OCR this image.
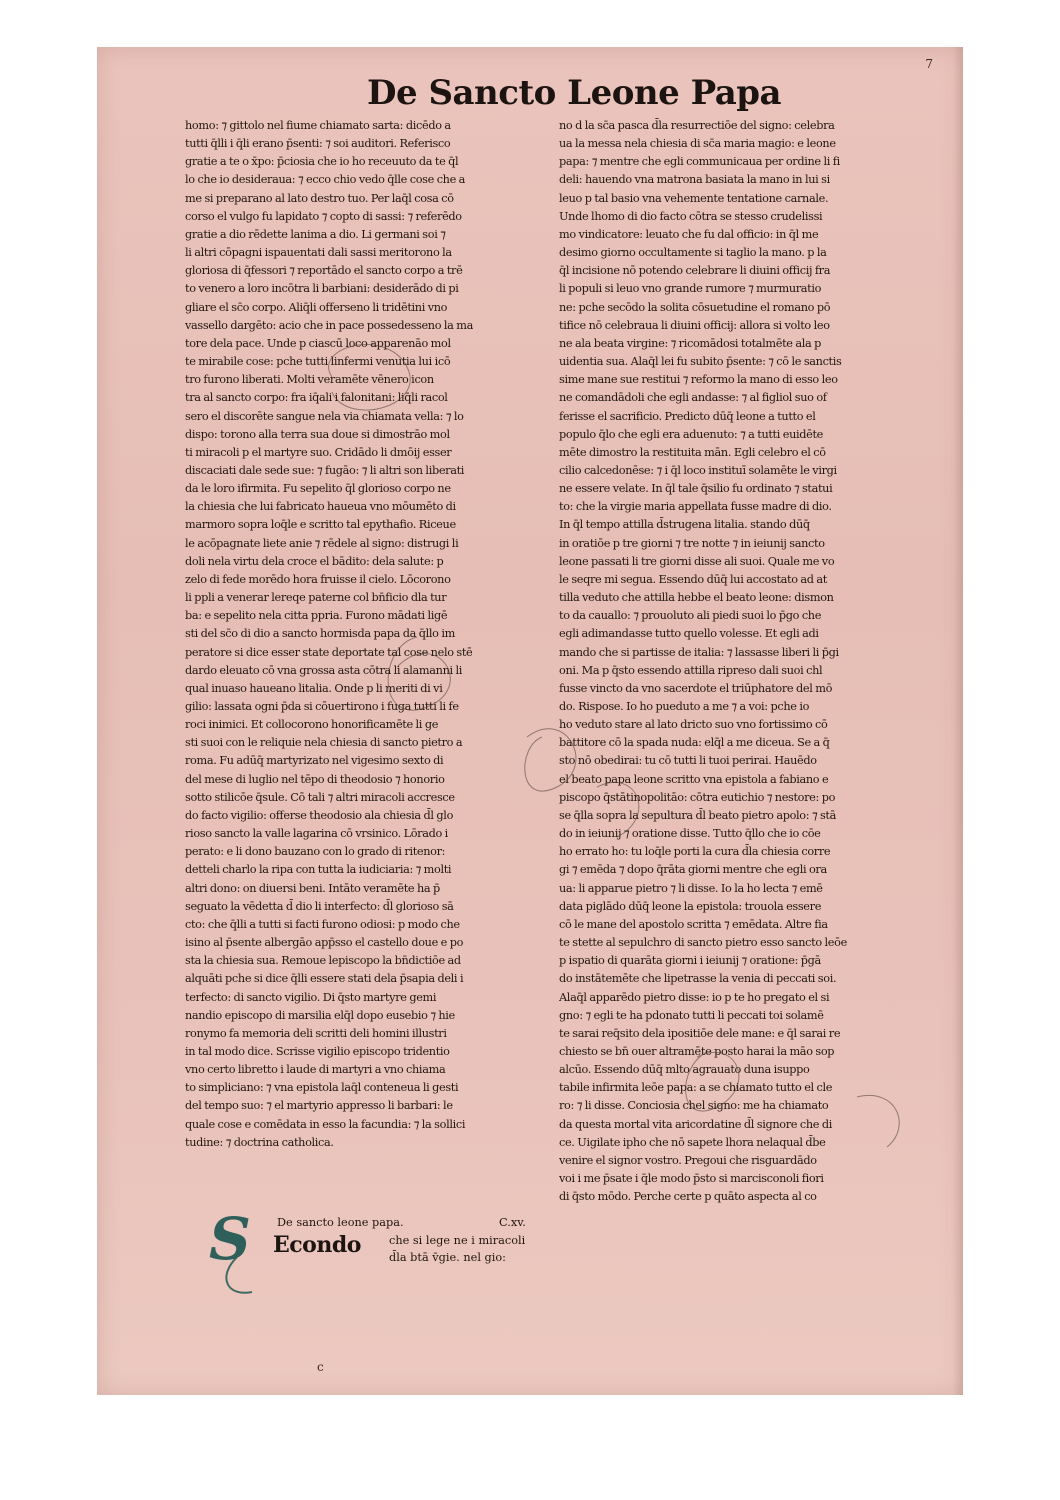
7
De Sancto Leone Papa
homo: ⁊ gittolo nel fiume chiamato sarta: dicēdo a
tutti q̄lli i q̄li erano p̄senti: ⁊ soi auditori. Referisco
gratie a te o x̄po: p̄ciosia che io ho receuuto da te q̄l
lo che io desideraua: ⁊ ecco chio vedo q̄lle cose che a
me si preparano al lato destro tuo. Per laq̄l cosa cō
corso el vulgo fu lapidato ⁊ copto di sassi: ⁊ referēdo
gratie a dio rēdette lanima a dio. Li germani soi ⁊
li altri cōpagni ispauentati dali sassi meritorono la
gloriosa di q̄fessori ⁊ reportādo el sancto corpo a trē
to venero a loro incōtra li barbiani: desiderādo di pi
gliare el sc̄o corpo. Aliq̄li offerseno li tridētini vno
vassello dargēto: acio che in pace possedesseno la ma
tore dela pace. Unde p ciascū loco apparenāo mol
te mirabile cose: pche tutti linfermi venutia lui icō
tro furono liberati. Molti veramēte vēnero icon
tra al sancto corpo: fra iq̄ali i falonitani: liq̄li racol
sero el discorēte sangue nela via chiamata vella: ⁊ lo
dispo: torono alla terra sua doue si dimostrāo mol
ti miracoli p el martyre suo. Cridādo li dmōij esser
discaciati dale sede sue: ⁊ fugāo: ⁊ li altri son liberati
da le loro ifirmita. Fu sepelito q̄l glorioso corpo ne
la chiesia che lui fabricato haueua vno mōumēto di
marmoro sopra loq̄le e scritto tal epythafio. Riceue
le acōpagnate liete anie ⁊ rēdele al signo: distrugi li
doli nela virtu dela croce el bādito: dela salute: p
zelo di fede morēdo hora fruisse il cielo. Lōcorono
li ppli a venerar lereqe paterne col bn̄ficio dla tur
ba: e sepelito nela citta ppria. Furono mādati ligē
sti del sc̄o di dio a sancto hormisda papa da q̄llo im
peratore si dice esser state deportate tal cose nelo stē
dardo eleuato cō vna grossa asta cōtra li alamanni li
qual inuaso haueano litalia. Onde p li meriti di vi
gilio: lassata ogni p̄da si cōuertirono i fuga tutti li fe
roci inimici. Et collocorono honorificamēte li ge
sti suoi con le reliquie nela chiesia di sancto pietro a
roma. Fu adūq̄ martyrizato nel vigesimo sexto di
del mese di luglio nel tēpo di theodosio ⁊ honorio
sotto stilicōe q̄sule. Cō tali ⁊ altri miracoli accresce
do facto vigilio: offerse theodosio ala chiesia d̄l glo
rioso sancto la valle lagarina cō vrsinico. Lōrado i
perato: e li dono bauzano con lo grado di ritenor:
detteli charlo la ripa con tutta la iudiciaria: ⁊ molti
altri dono: on diuersi beni. Intāto veramēte ha p̄
seguato la vēdetta d̄ dio li interfecto: d̄l glorioso sā
cto: che q̄lli a tutti si facti furono odiosi: p modo che
isino al p̄sente albergāo app̄sso el castello doue e po
sta la chiesia sua. Remoue lepiscopo la bn̄dictiōe ad
alquāti pche si dice q̄lli essere stati dela p̄sapia deli i
terfecto: di sancto vigilio. Di q̄sto martyre gemi
nandio episcopo di marsilia elq̄l dopo eusebio ⁊ hie
ronymo fa memoria deli scritti deli homini illustri
in tal modo dice. Scrisse vigilio episcopo tridentio
vno certo libretto i laude di martyri a vno chiama
to simpliciano: ⁊ vna epistola laq̄l conteneua li gesti
del tempo suo: ⁊ el martyrio appresso li barbari: le
quale cose e comēdata in esso la facundia: ⁊ la sollici
tudine: ⁊ doctrina catholica.
no d la sc̄a pasca d̄la resurrectiōe del signo: celebra
ua la messa nela chiesia di sc̄a maria magio: e leone
papa: ⁊ mentre che egli communicaua per ordine li fi
deli: hauendo vna matrona basiata la mano in lui si
leuo p tal basio vna vehemente tentatione carnale.
Unde lhomo di dio facto cōtra se stesso crudelissi
mo vindicatore: leuato che fu dal officio: in q̄l me
desimo giorno occultamente si taglio la mano. p la
q̄l incisione nō potendo celebrare li diuini officij fra
li populi si leuo vno grande rumore ⁊ murmuratio
ne: pche secōdo la solita cōsuetudine el romano pō
tifice nō celebraua li diuini officij: allora si volto leo
ne ala beata virgine: ⁊ ricomādosi totalmēte ala p
uidentia sua. Alaq̄l lei fu subito p̄sente: ⁊ cō le sanctis
sime mane sue restitui ⁊ reformo la mano di esso leo
ne comandādoli che egli andasse: ⁊ al figliol suo of
ferisse el sacrificio. Predicto dūq̄ leone a tutto el
populo q̄lo che egli era aduenuto: ⁊ a tutti euidēte
mēte dimostro la restituita mān. Egli celebro el cō
cilio calcedonēse: ⁊ i q̄l loco instituī solamēte le virgi
ne essere velate. In q̄l tale q̄silio fu ordinato ⁊ statui
to: che la virgie maria appellata fusse madre di dio.
In q̄l tempo attilla d̄strugena litalia. stando dūq̄
in oratiōe p tre giorni ⁊ tre notte ⁊ in ieiunij sancto
leone passati li tre giorni disse ali suoi. Quale me vo
le seqre mi segua. Essendo dūq̄ lui accostato ad at
tilla veduto che attilla hebbe el beato leone: dismon
to da cauallo: ⁊ prouoluto ali piedi suoi lo p̄go che
egli adimandasse tutto quello volesse. Et egli adi
mando che si partisse de italia: ⁊ lassasse liberi li p̄gi
oni. Ma p q̄sto essendo attilla ripreso dali suoi chl
fusse vincto da vno sacerdote el triūphatore del mō
do. Rispose. Io ho pueduto a me ⁊ a voi: pche io
ho veduto stare al lato dricto suo vno fortissimo cō
battitore cō la spada nuda: elq̄l a me diceua. Se a q̄
sto nō obedirai: tu cō tutti li tuoi perirai. Hauēdo
el beato papa leone scritto vna epistola a fabiano e
piscopo q̄stātinopolitāo: cōtra eutichio ⁊ nestore: po
se q̄lla sopra la sepultura d̄l beato pietro apolo: ⁊ stā
do in ieiunij ⁊ oratione disse. Tutto q̄llo che io cōe
ho errato ho: tu loq̄le porti la cura d̄la chiesia corre
gi ⁊ emēda ⁊ dopo q̄rāta giorni mentre che egli ora
ua: li apparue pietro ⁊ li disse. Io la ho lecta ⁊ emē
data piglādo dūq̄ leone la epistola: trouola essere
cō le mane del apostolo scritta ⁊ emēdata. Altre fia
te stette al sepulchro di sancto pietro esso sancto leōe
p ispatio di quarāta giorni i ieiunij ⁊ oratione: p̄gā
do instātemēte che lipetrasse la venia di peccati soi.
Alaq̄l apparēdo pietro disse: io p te ho pregato el si
gno: ⁊ egli te ha pdonato tutti li peccati toi solamē
te sarai req̄sito dela ipositiōe dele mane: e q̄l sarai re
chiesto se bn̄ ouer altramēte posto harai la māo sop
alcūo. Essendo dūq̄ mlto agrauato duna isuppo
tabile infirmita leōe papa: a se chiamato tutto el cle
ro: ⁊ li disse. Conciosia chel signo: me ha chiamato
da questa mortal vita aricordatine d̄l signore che di
ce. Uigilate ipho che nō sapete lhora nelaqual d̄be
venire el signor vostro. Pregoui che risguardādo
voi i me p̄sate i q̄le modo p̄sto si marcisconoli fiori
di q̄sto mōdo. Perche certe p quāto aspecta al co
S De sancto leone papa.	C.xv.
Econdo che si lege ne i miracoli
d̄la btā v̄gie. nel gio:
c
